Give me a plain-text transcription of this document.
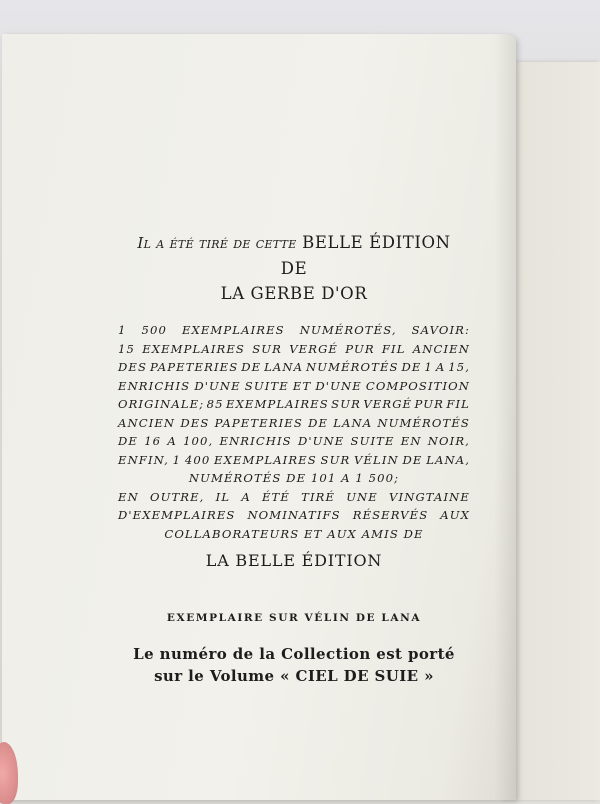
Il a été tiré de cette BELLE ÉDITION
DE
LA GERBE D'OR
1 500 EXEMPLAIRES NUMÉROTÉS, SAVOIR:
15 EXEMPLAIRES SUR VERGÉ PUR FIL ANCIEN
DES PAPETERIES DE LANA NUMÉROTÉS DE 1 A 15,
ENRICHIS D'UNE SUITE ET D'UNE COMPOSITION
ORIGINALE; 85 EXEMPLAIRES SUR VERGÉ PUR FIL
ANCIEN DES PAPETERIES DE LANA NUMÉROTÉS
DE 16 A 100, ENRICHIS D'UNE SUITE EN NOIR,
ENFIN, 1 400 EXEMPLAIRES SUR VÉLIN DE LANA,
NUMÉROTÉS DE 101 A 1 500;
EN OUTRE, IL A ÉTÉ TIRÉ UNE VINGTAINE
D'EXEMPLAIRES NOMINATIFS RÉSERVÉS AUX
COLLABORATEURS ET AUX AMIS DE
LA BELLE ÉDITION
EXEMPLAIRE SUR VÉLIN DE LANA
Le numéro de la Collection est porté
sur le Volume « CIEL DE SUIE »
